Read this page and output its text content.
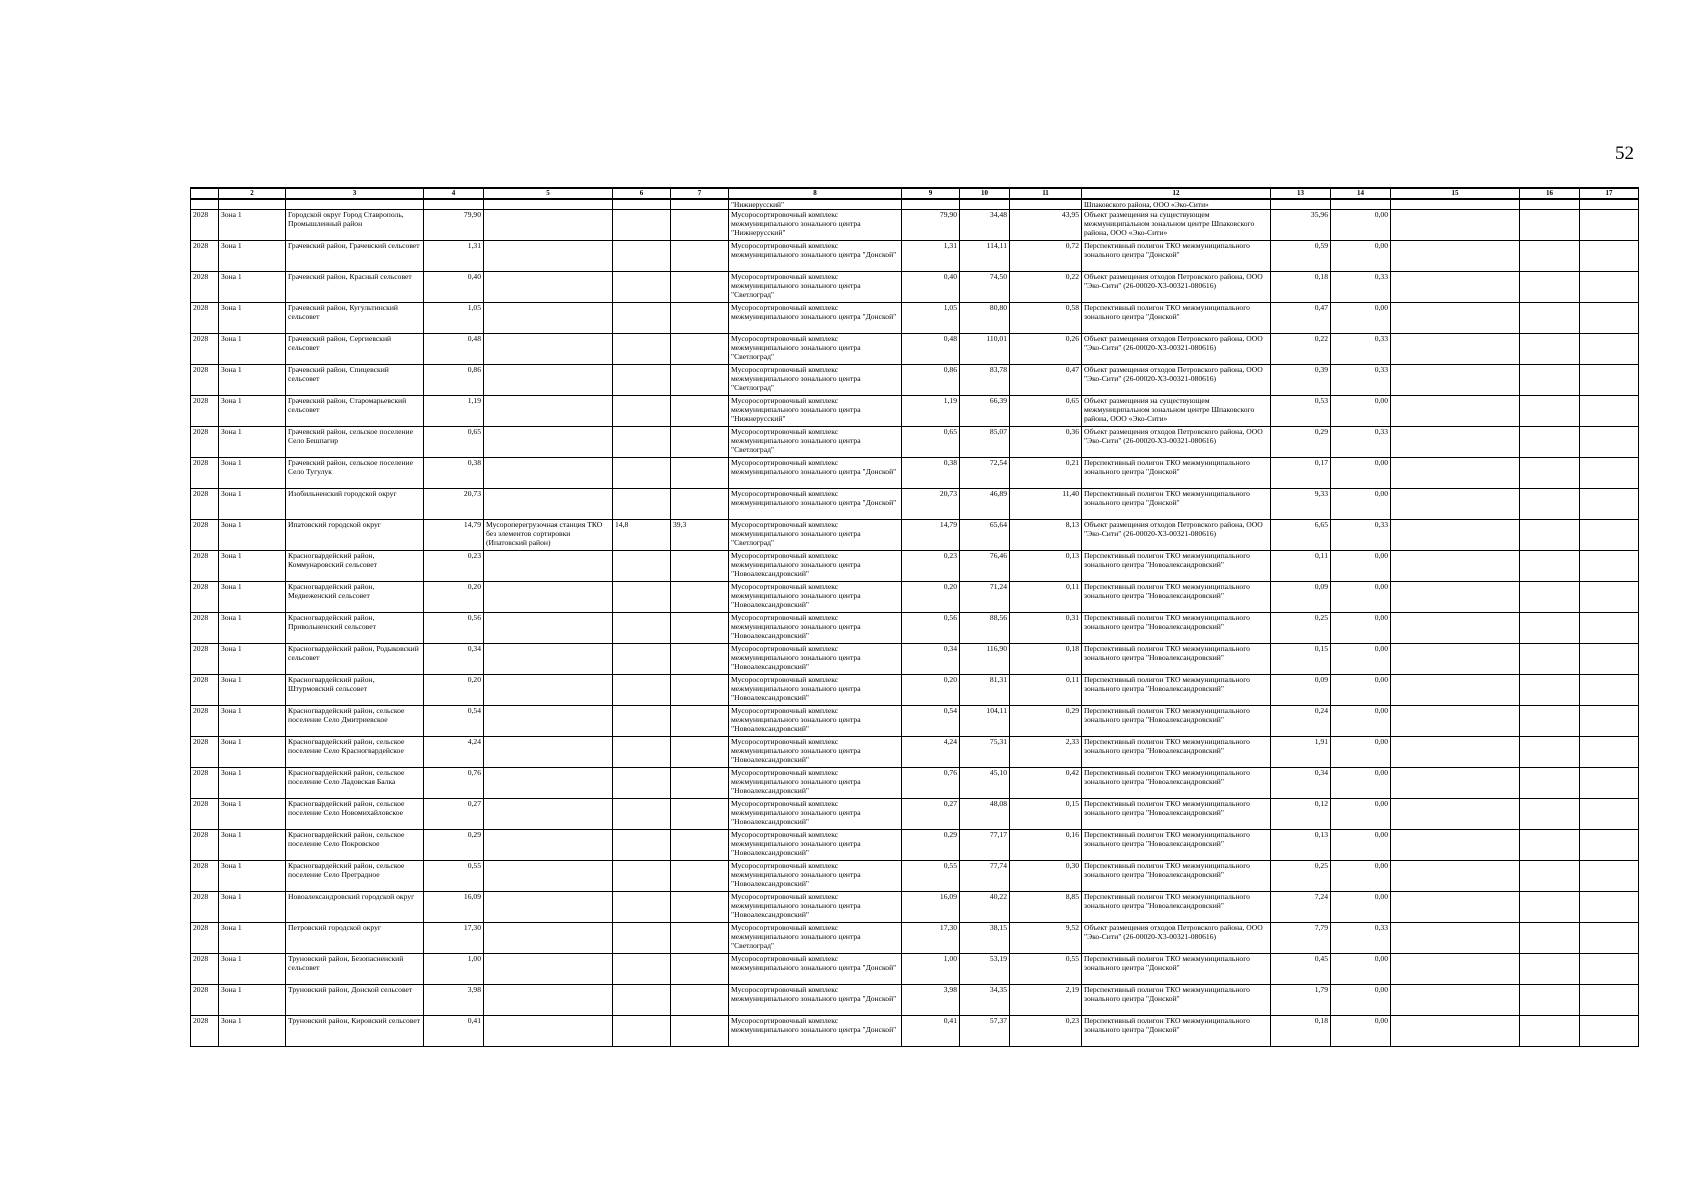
52
	2	3	4	5	6	7	8	9	10	11	12	13	14	15	16	17
							"Нижнерусский"				Шпаковского района, ООО «Эко-Сити»					
2028	Зона 1	Городской округ Город Ставрополь, Промышленный район	79,90				Мусоросортировочный комплекс межмуниципального зонального центра "Нижнерусский"	79,90	34,48	43,95	Объект размещения на существующем межмуниципальном зональном центре Шпаковского района, ООО «Эко-Сити»	35,96	0,00			
2028	Зона 1	Грачевский район, Грачевский сельсовет	1,31				Мусоросортировочный комплекс межмуниципального зонального центра "Донской"	1,31	114,11	0,72	Перспективный полигон ТКО межмуниципального зонального центра "Донской"	0,59	0,00			
2028	Зона 1	Грачевский район, Красный сельсовет	0,40				Мусоросортировочный комплекс межмуниципального зонального центра "Светлоград"	0,40	74,50	0,22	Объект размещения отходов Петровского района, ООО "Эко-Сити" (26-00020-Х3-00321-080616)	0,18	0,33			
2028	Зона 1	Грачевский район, Кугультинский сельсовет	1,05				Мусоросортировочный комплекс межмуниципального зонального центра "Донской"	1,05	80,80	0,58	Перспективный полигон ТКО межмуниципального зонального центра "Донской"	0,47	0,00			
2028	Зона 1	Грачевский район, Сергиевский сельсовет	0,48				Мусоросортировочный комплекс межмуниципального зонального центра "Светлоград"	0,48	110,01	0,26	Объект размещения отходов Петровского района, ООО "Эко-Сити" (26-00020-Х3-00321-080616)	0,22	0,33			
2028	Зона 1	Грачевский район, Спицевский сельсовет	0,86				Мусоросортировочный комплекс межмуниципального зонального центра "Светлоград"	0,86	83,78	0,47	Объект размещения отходов Петровского района, ООО "Эко-Сити" (26-00020-Х3-00321-080616)	0,39	0,33			
2028	Зона 1	Грачевский район, Старомарьевский сельсовет	1,19				Мусоросортировочный комплекс межмуниципального зонального центра "Нижнерусский"	1,19	66,39	0,65	Объект размещения на существующем межмуниципальном зональном центре Шпаковского района, ООО «Эко-Сити»	0,53	0,00			
2028	Зона 1	Грачевский район, сельское поселение Село Бешпагир	0,65				Мусоросортировочный комплекс межмуниципального зонального центра "Светлоград"	0,65	85,07	0,36	Объект размещения отходов Петровского района, ООО "Эко-Сити" (26-00020-Х3-00321-080616)	0,29	0,33			
2028	Зона 1	Грачевский район, сельское поселение Село Тугулук	0,38				Мусоросортировочный комплекс межмуниципального зонального центра "Донской"	0,38	72,54	0,21	Перспективный полигон ТКО межмуниципального зонального центра "Донской"	0,17	0,00			
2028	Зона 1	Изобильненский городской округ	20,73				Мусоросортировочный комплекс межмуниципального зонального центра "Донской"	20,73	46,89	11,40	Перспективный полигон ТКО межмуниципального зонального центра "Донской"	9,33	0,00			
2028	Зона 1	Ипатовский городской округ	14,79	Мусороперегрузочная станция ТКО без элементов сортировки (Ипатовский район)	14,8	39,3	Мусоросортировочный комплекс межмуниципального зонального центра "Светлоград"	14,79	65,64	8,13	Объект размещения отходов Петровского района, ООО "Эко-Сити" (26-00020-Х3-00321-080616)	6,65	0,33			
2028	Зона 1	Красногвардейский район, Коммунаровский сельсовет	0,23				Мусоросортировочный комплекс межмуниципального зонального центра "Новоалександровский"	0,23	76,46	0,13	Перспективный полигон ТКО межмуниципального зонального центра "Новоалександровский"	0,11	0,00			
2028	Зона 1	Красногвардейский район, Медвеженский сельсовет	0,20				Мусоросортировочный комплекс межмуниципального зонального центра "Новоалександровский"	0,20	71,24	0,11	Перспективный полигон ТКО межмуниципального зонального центра "Новоалександровский"	0,09	0,00			
2028	Зона 1	Красногвардейский район, Привольненский сельсовет	0,56				Мусоросортировочный комплекс межмуниципального зонального центра "Новоалександровский"	0,56	88,56	0,31	Перспективный полигон ТКО межмуниципального зонального центра "Новоалександровский"	0,25	0,00			
2028	Зона 1	Красногвардейский район, Родыковский сельсовет	0,34				Мусоросортировочный комплекс межмуниципального зонального центра "Новоалександровский"	0,34	116,90	0,18	Перспективный полигон ТКО межмуниципального зонального центра "Новоалександровский"	0,15	0,00			
2028	Зона 1	Красногвардейский район, Штурмовский сельсовет	0,20				Мусоросортировочный комплекс межмуниципального зонального центра "Новоалександровский"	0,20	81,31	0,11	Перспективный полигон ТКО межмуниципального зонального центра "Новоалександровский"	0,09	0,00			
2028	Зона 1	Красногвардейский район, сельское поселение Село Дмитриевское	0,54				Мусоросортировочный комплекс межмуниципального зонального центра "Новоалександровский"	0,54	104,11	0,29	Перспективный полигон ТКО межмуниципального зонального центра "Новоалександровский"	0,24	0,00			
2028	Зона 1	Красногвардейский район, сельское поселение Село Красногвардейское	4,24				Мусоросортировочный комплекс межмуниципального зонального центра "Новоалександровский"	4,24	75,31	2,33	Перспективный полигон ТКО межмуниципального зонального центра "Новоалександровский"	1,91	0,00			
2028	Зона 1	Красногвардейский район, сельское поселение Село Ладовская Балка	0,76				Мусоросортировочный комплекс межмуниципального зонального центра "Новоалександровский"	0,76	45,10	0,42	Перспективный полигон ТКО межмуниципального зонального центра "Новоалександровский"	0,34	0,00			
2028	Зона 1	Красногвардейский район, сельское поселение Село Новомихайловское	0,27				Мусоросортировочный комплекс межмуниципального зонального центра "Новоалександровский"	0,27	48,08	0,15	Перспективный полигон ТКО межмуниципального зонального центра "Новоалександровский"	0,12	0,00			
2028	Зона 1	Красногвардейский район, сельское поселение Село Покровское	0,29				Мусоросортировочный комплекс межмуниципального зонального центра "Новоалександровский"	0,29	77,17	0,16	Перспективный полигон ТКО межмуниципального зонального центра "Новоалександровский"	0,13	0,00			
2028	Зона 1	Красногвардейский район, сельское поселение Село Преградное	0,55				Мусоросортировочный комплекс межмуниципального зонального центра "Новоалександровский"	0,55	77,74	0,30	Перспективный полигон ТКО межмуниципального зонального центра "Новоалександровский"	0,25	0,00			
2028	Зона 1	Новоалександровский городской округ	16,09				Мусоросортировочный комплекс межмуниципального зонального центра "Новоалександровский"	16,09	40,22	8,85	Перспективный полигон ТКО межмуниципального зонального центра "Новоалександровский"	7,24	0,00			
2028	Зона 1	Петровский городской округ	17,30				Мусоросортировочный комплекс межмуниципального зонального центра "Светлоград"	17,30	38,15	9,52	Объект размещения отходов Петровского района, ООО "Эко-Сити" (26-00020-Х3-00321-080616)	7,79	0,33			
2028	Зона 1	Труновский район, Безопасненский сельсовет	1,00				Мусоросортировочный комплекс межмуниципального зонального центра "Донской"	1,00	53,19	0,55	Перспективный полигон ТКО межмуниципального зонального центра "Донской"	0,45	0,00			
2028	Зона 1	Труновский район, Донской сельсовет	3,98				Мусоросортировочный комплекс межмуниципального зонального центра "Донской"	3,98	34,35	2,19	Перспективный полигон ТКО межмуниципального зонального центра "Донской"	1,79	0,00			
2028	Зона 1	Труновский район, Кировский сельсовет	0,41				Мусоросортировочный комплекс межмуниципального зонального центра "Донской"	0,41	57,37	0,23	Перспективный полигон ТКО межмуниципального зонального центра "Донской"	0,18	0,00			
